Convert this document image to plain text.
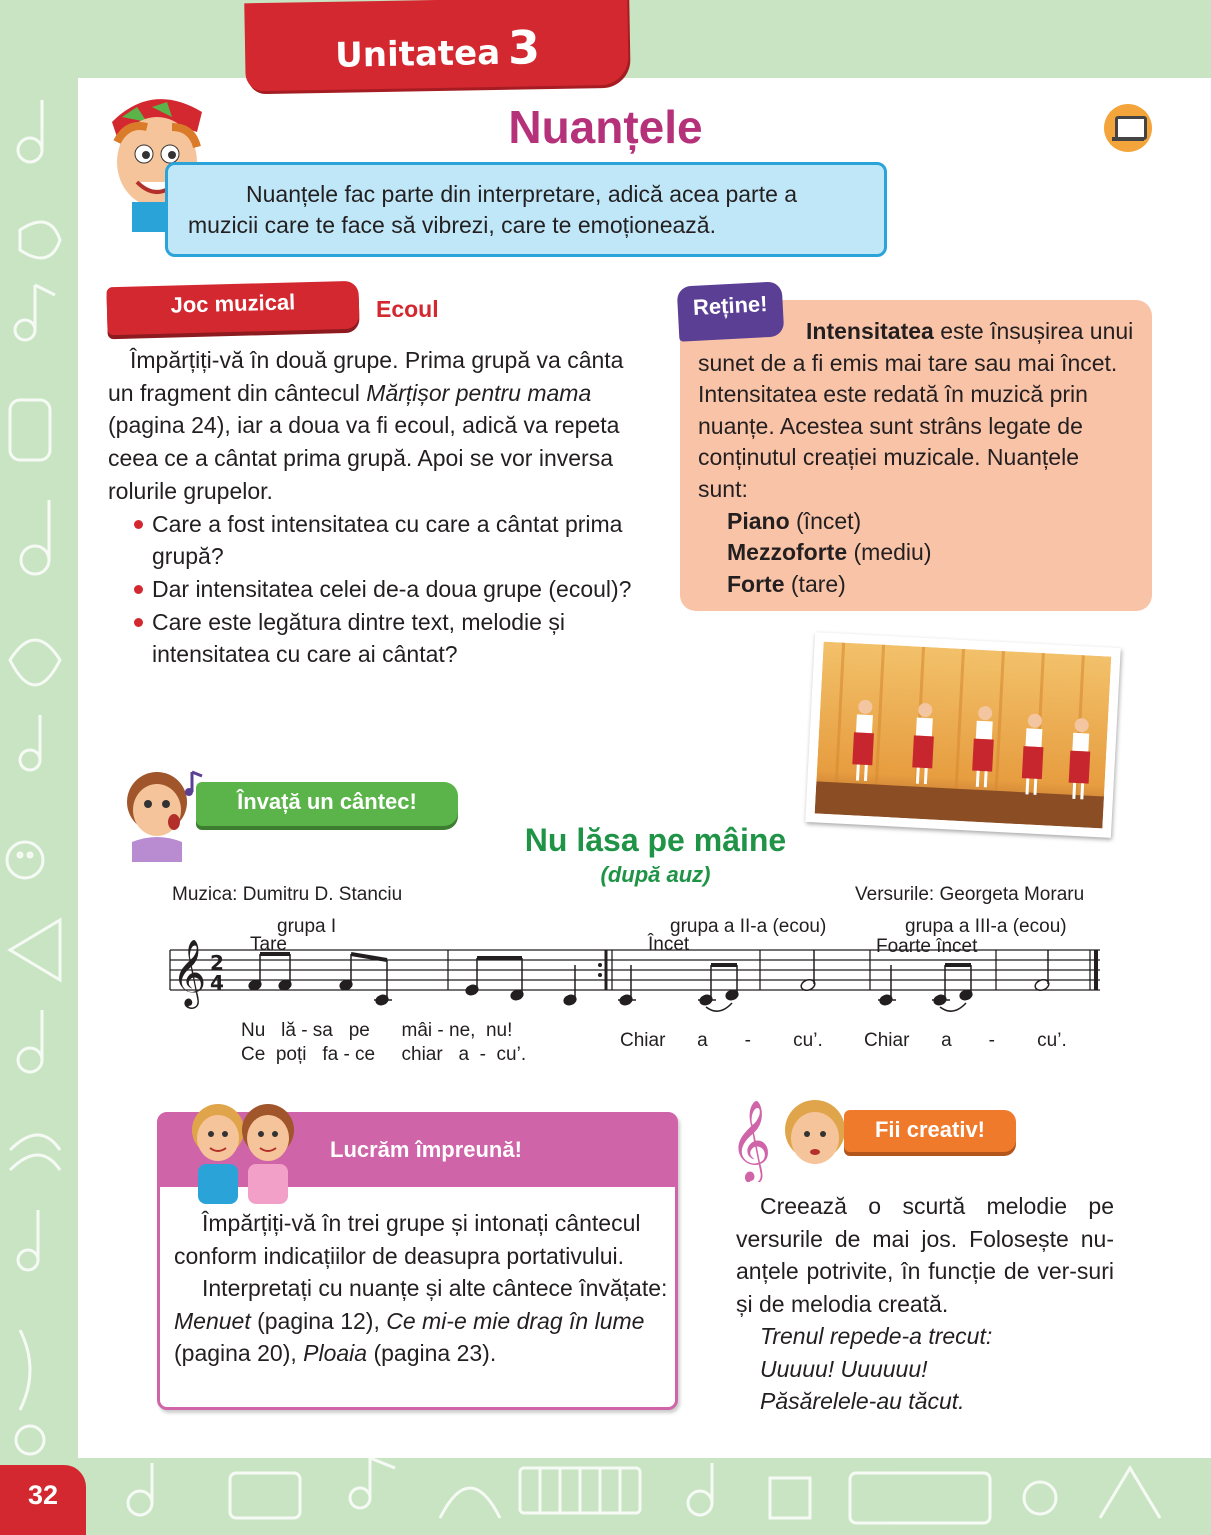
Unitatea 3
Nuanțele

Nuanțele fac parte din interpretare, adică acea parte a muzicii care te face să vibrezi, care te emoționează.

Joc muzical	Ecoul

Împărțiți-vă în două grupe. Prima grupă va cânta un fragment din cântecul Mărțișor pentru mama (pagina 24), iar a doua va fi ecoul, adică va repeta ceea ce a cântat prima grupă. Apoi se vor inversa rolurile grupelor.

Care a fost intensitatea cu care a cântat prima grupă?
Dar intensitatea celei de-a doua grupe (ecoul)?
Care este legătura dintre text, melodie și intensitatea cu care ai cântat?

Intensitatea este însușirea unui sunet de a fi emis mai tare sau mai încet. Intensitatea este redată în muzică prin nuanțe. Acestea sunt strâns legate de conținutul creației muzicale. Nuanțele sunt:

Piano (încet)

Mezzoforte (mediu)

Forte (tare)

Reține!
Învață un cântec!
Nu lăsa pe mâine
(după auz)
Muzica: Dumitru D. Stanciu	Versurile: Georgeta Moraru
grupa I
Tare
grupa a II-a (ecou)
Încet
grupa a III-a (ecou)
Foarte încet
𝄞 2
4
Nu   lă - sa   pe      mâi - ne,  nu!
Ce  poți   fa - ce     chiar   a  -  cu’.
Chiar      a       -        cu’. Chiar      a       -        cu’.
Lucrăm împreună!

Împărțiți-vă în trei grupe și intonați cântecul conform indicațiilor de deasupra portativului.

Interpretați cu nuanțe și alte cântece învățate: Menuet (pagina 12), Ce mi-e mie drag în lume (pagina 20), Ploaia (pagina 23).

𝄞	Fii creativ!

Creează o scurtă melodie pe versurile de mai jos. Folosește nu-anțele potrivite, în funcție de ver-suri și de melodia creată.

Trenul repede-a trecut:

Uuuuu! Uuuuuu!

Păsărelele-au tăcut.

32
